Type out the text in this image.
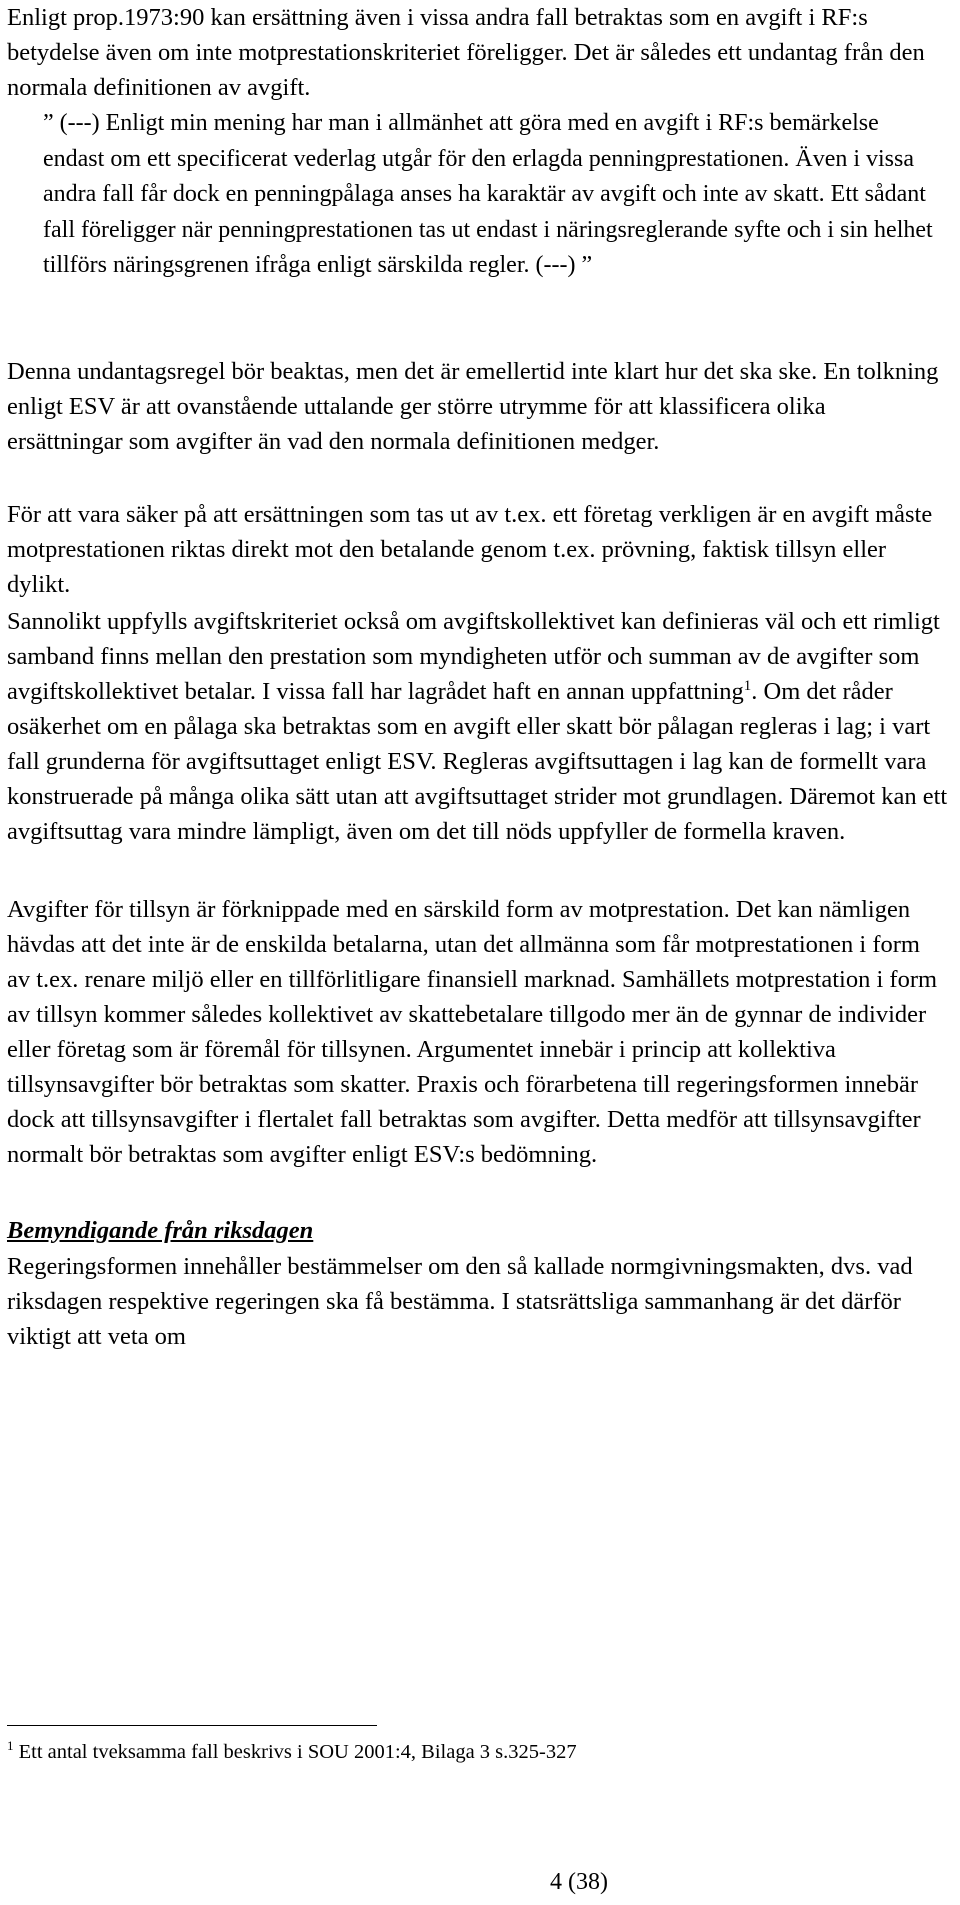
Enligt prop.1973:90 kan ersättning även i vissa andra fall betraktas som en avgift i RF:s betydelse även om inte motprestationskriteriet föreligger. Det är således ett undantag från den normala definitionen av avgift.

” (---) Enligt min mening har man i allmänhet att göra med en avgift i RF:s bemärkelse endast om ett specificerat vederlag utgår för den erlagda penningprestationen. Även i vissa andra fall får dock en penningpålaga anses ha karaktär av avgift och inte av skatt. Ett sådant fall föreligger när penningprestationen tas ut endast i näringsreglerande syfte och i sin helhet tillförs näringsgrenen ifråga enligt särskilda regler. (---) ”

Denna undantagsregel bör beaktas, men det är emellertid inte klart hur det ska ske. En tolkning enligt ESV är att ovanstående uttalande ger större utrymme för att klassificera olika ersättningar som avgifter än vad den normala definitionen medger.

För att vara säker på att ersättningen som tas ut av t.ex. ett företag verkligen är en avgift måste motprestationen riktas direkt mot den betalande genom t.ex. prövning, faktisk tillsyn eller dylikt.

Sannolikt uppfylls avgiftskriteriet också om avgiftskollektivet kan definieras väl och ett rimligt samband finns mellan den prestation som myndigheten utför och summan av de avgifter som avgiftskollektivet betalar. I vissa fall har lagrådet haft en annan uppfattning$^1$. Om det råder osäkerhet om en pålaga ska betraktas som en avgift eller skatt bör pålagan regleras i lag; i vart fall grunderna för avgiftsuttaget enligt ESV. Regleras avgiftsuttagen i lag kan de formellt vara konstruerade på många olika sätt utan att avgiftsuttaget strider mot grundlagen. Däremot kan ett avgiftsuttag vara mindre lämpligt, även om det till nöds uppfyller de formella kraven.

Avgifter för tillsyn är förknippade med en särskild form av motprestation. Det kan nämligen hävdas att det inte är de enskilda betalarna, utan det allmänna som får motprestationen i form av t.ex. renare miljö eller en tillförlitligare finansiell marknad. Samhällets motprestation i form av tillsyn kommer således kollektivet av skattebetalare tillgodo mer än de gynnar de individer eller företag som är föremål för tillsynen. Argumentet innebär i princip att kollektiva tillsynsavgifter bör betraktas som skatter. Praxis och förarbetena till regeringsformen innebär dock att tillsynsavgifter i flertalet fall betraktas som avgifter. Detta medför att tillsynsavgifter normalt bör betraktas som avgifter enligt ESV:s bedömning.

Bemyndigande från riksdagen

Regeringsformen innehåller bestämmelser om den så kallade normgivningsmakten, dvs. vad riksdagen respektive regeringen ska få bestämma. I statsrättsliga sammanhang är det därför viktigt att veta om

$^1$ Ett antal tveksamma fall beskrivs i SOU 2001:4, Bilaga 3 s.325-327
4 (38)
